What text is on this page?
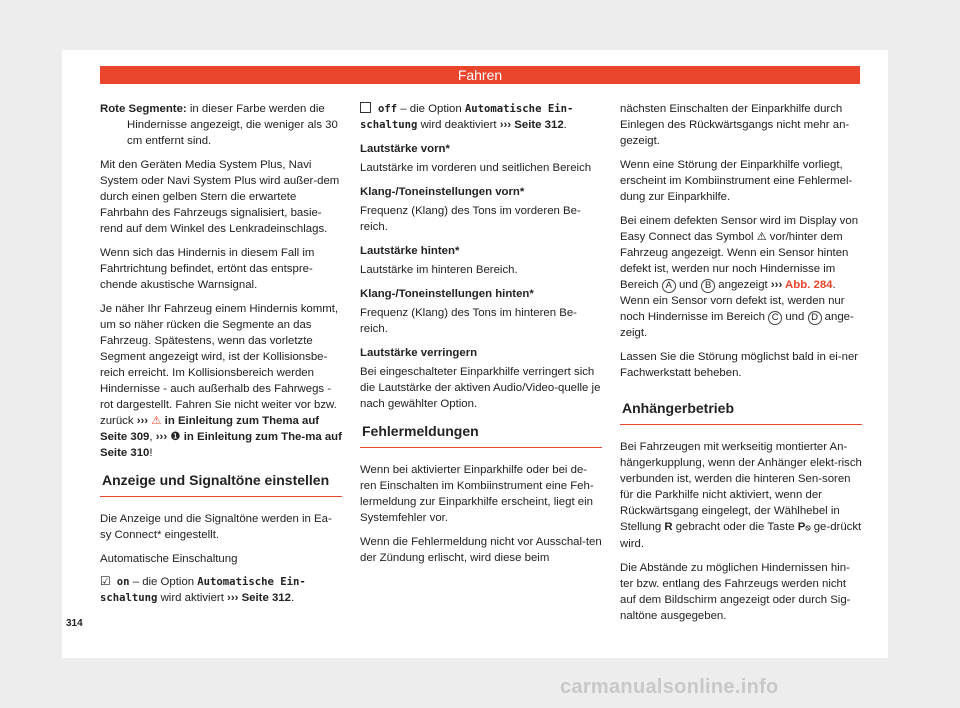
Fahren

Rote Segmente: in dieser Farbe werden die Hindernisse angezeigt, die weniger als 30 cm entfernt sind.

Mit den Geräten Media System Plus, Navi System oder Navi System Plus wird außer-dem durch einen gelben Stern die erwartete Fahrbahn des Fahrzeugs signalisiert, basie-rend auf dem Winkel des Lenkradeinschlags.

Wenn sich das Hindernis in diesem Fall im Fahrtrichtung befindet, ertönt das entspre-chende akustische Warnsignal.

Je näher Ihr Fahrzeug einem Hindernis kommt, um so näher rücken die Segmente an das Fahrzeug. Spätestens, wenn das vorletzte Segment angezeigt wird, ist der Kollisionsbe-reich erreicht. Im Kollisionsbereich werden Hindernisse - auch außerhalb des Fahrwegs - rot dargestellt. Fahren Sie nicht weiter vor bzw. zurück ››› ⚠ in Einleitung zum Thema auf Seite 309, ››› ❶ in Einleitung zum The-ma auf Seite 310!

Anzeige und Signaltöne einstellen

Die Anzeige und die Signaltöne werden in Ea-sy Connect* eingestellt.

Automatische Einschaltung

☑ on – die Option Automatische Ein-schaltung wird aktiviert ››› Seite 312.

off – die Option Automatische Ein-schaltung wird deaktiviert ››› Seite 312.

Lautstärke vorn*

Lautstärke im vorderen und seitlichen Bereich

Klang-/Toneinstellungen vorn*

Frequenz (Klang) des Tons im vorderen Be-reich.

Lautstärke hinten*

Lautstärke im hinteren Bereich.

Klang-/Toneinstellungen hinten*

Frequenz (Klang) des Tons im hinteren Be-reich.

Lautstärke verringern

Bei eingeschalteter Einparkhilfe verringert sich die Lautstärke der aktiven Audio/Video-quelle je nach gewählter Option.

Fehlermeldungen

Wenn bei aktivierter Einparkhilfe oder bei de-ren Einschalten im Kombiinstrument eine Feh-lermeldung zur Einparkhilfe erscheint, liegt ein Systemfehler vor.

Wenn die Fehlermeldung nicht vor Ausschal-ten der Zündung erlischt, wird diese beim

nächsten Einschalten der Einparkhilfe durch Einlegen des Rückwärtsgangs nicht mehr an-gezeigt.

Wenn eine Störung der Einparkhilfe vorliegt, erscheint im Kombiinstrument eine Fehlermel-dung zur Einparkhilfe.

Bei einem defekten Sensor wird im Display von Easy Connect das Symbol ⚠ vor/hinter dem Fahrzeug angezeigt. Wenn ein Sensor hinten defekt ist, werden nur noch Hindernisse im Bereich A und B angezeigt ››› Abb. 284. Wenn ein Sensor vorn defekt ist, werden nur noch Hindernisse im Bereich C und D ange-zeigt.

Lassen Sie die Störung möglichst bald in ei-ner Fachwerkstatt beheben.

Anhängerbetrieb

Bei Fahrzeugen mit werkseitig montierter An-hängerkupplung, wenn der Anhänger elekt-risch verbunden ist, werden die hinteren Sen-soren für die Parkhilfe nicht aktiviert, wenn der Rückwärtsgang eingelegt, der Wählhebel in Stellung R gebracht oder die Taste P⦸ ge-drückt wird.

Die Abstände zu möglichen Hindernissen hin-ter bzw. entlang des Fahrzeugs werden nicht auf dem Bildschirm angezeigt oder durch Sig-naltöne ausgegeben.

314
carmanualsonline.info
